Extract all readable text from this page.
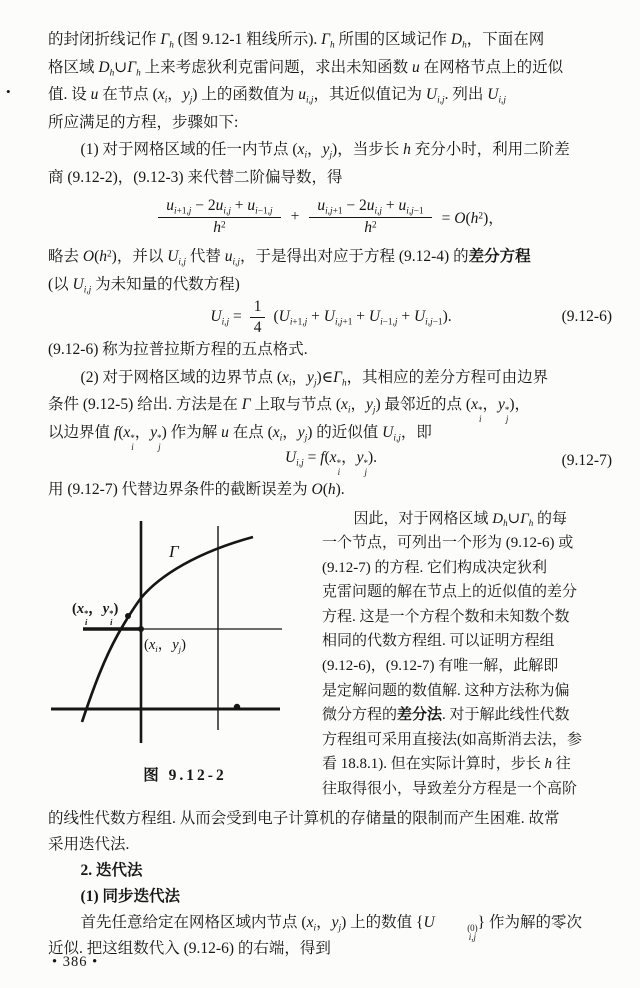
•
的封闭折线记作 $\Gamma_h$ (图 9.12-1 粗线所示). $\Gamma_h$ 所围的区域记作 $D_h$，下面在网
格区域 $D_h\cup\Gamma_h$ 上来考虑狄利克雷问题，求出未知函数 u 在网格节点上的近似
值. 设 u 在节点 ($x_i$，$y_j$) 上的函数值为 $u_{i,j}$，其近似值记为 $U_{i,j}$. 列出 $U_{i,j}$
所应满足的方程，步骤如下:
(1) 对于网格区域的任一内节点 ($x_i$，$y_j$)，当步长 h 充分小时，利用二阶差
商 (9.12-2)，(9.12-3) 来代替二阶偏导数，得
$\frac{u_{i+1,j} - 2u_{i,j} + u_{i-1,j}}{h^2} + \frac{u_{i,j+1} - 2u_{i,j} + u_{i,j-1}}{h^2} = O(h^2)$，
略去 $O(h^2)$，并以 $U_{i,j}$ 代替 $u_{i,j}$，于是得出对应于方程 (9.12-4) 的差分方程
(以 $U_{i,j}$ 为未知量的代数方程)
$U_{i,j} = \frac{1}{4} (U_{i+1,j} + U_{i,j+1} + U_{i-1,j} + U_{i,j-1})$.	(9.12-6)
(9.12-6) 称为拉普拉斯方程的五点格式.
(2) 对于网格区域的边界节点 ($x_i$，$y_j)\in\Gamma_h$，其相应的差分方程可由边界
条件 (9.12-5) 给出. 方法是在 Γ 上取与节点 ($x_i$，$y_j$) 最邻近的点 (x *
i
，y *
j
)，
以边界值 f(x *
i
，y *
j
) 作为解 u 在点 ($x_i$，$y_j$) 的近似值 $U_{i,j}$，即
$U_{i,j} = f(x$ *
i
，y *
j
).	(9.12-7)
用 (9.12-7) 代替边界条件的截断误差为 O(h).
Γ
(x *
i
，y *
i
)
($x_i$，$y_j$)
图 9.12-2
因此，对于网格区域 $D_h\cup\Gamma_h$ 的每
一个节点，可列出一个形为 (9.12-6) 或
(9.12-7) 的方程. 它们构成决定狄利
克雷问题的解在节点上的近似值的差分
方程. 这是一个方程个数和未知数个数
相同的代数方程组. 可以证明方程组
(9.12-6)，(9.12-7) 有唯一解，此解即
是定解问题的数值解. 这种方法称为偏
微分方程的差分法. 对于解此线性代数
方程组可采用直接法(如高斯消去法，参
看 18.8.1). 但在实际计算时，步长 h 往
往取得很小，导致差分方程是一个高阶
的线性代数方程组. 从而会受到电子计算机的存储量的限制而产生困难. 故常
采用迭代法.
2. 迭代法
(1) 同步迭代法
首先任意给定在网格区域内节点 ($x_i$，$y_j$) 上的数值 {U	(0)
i,j
} 作为解的零次
近似. 把这组数代入 (9.12-6) 的右端，得到
• 386 •
